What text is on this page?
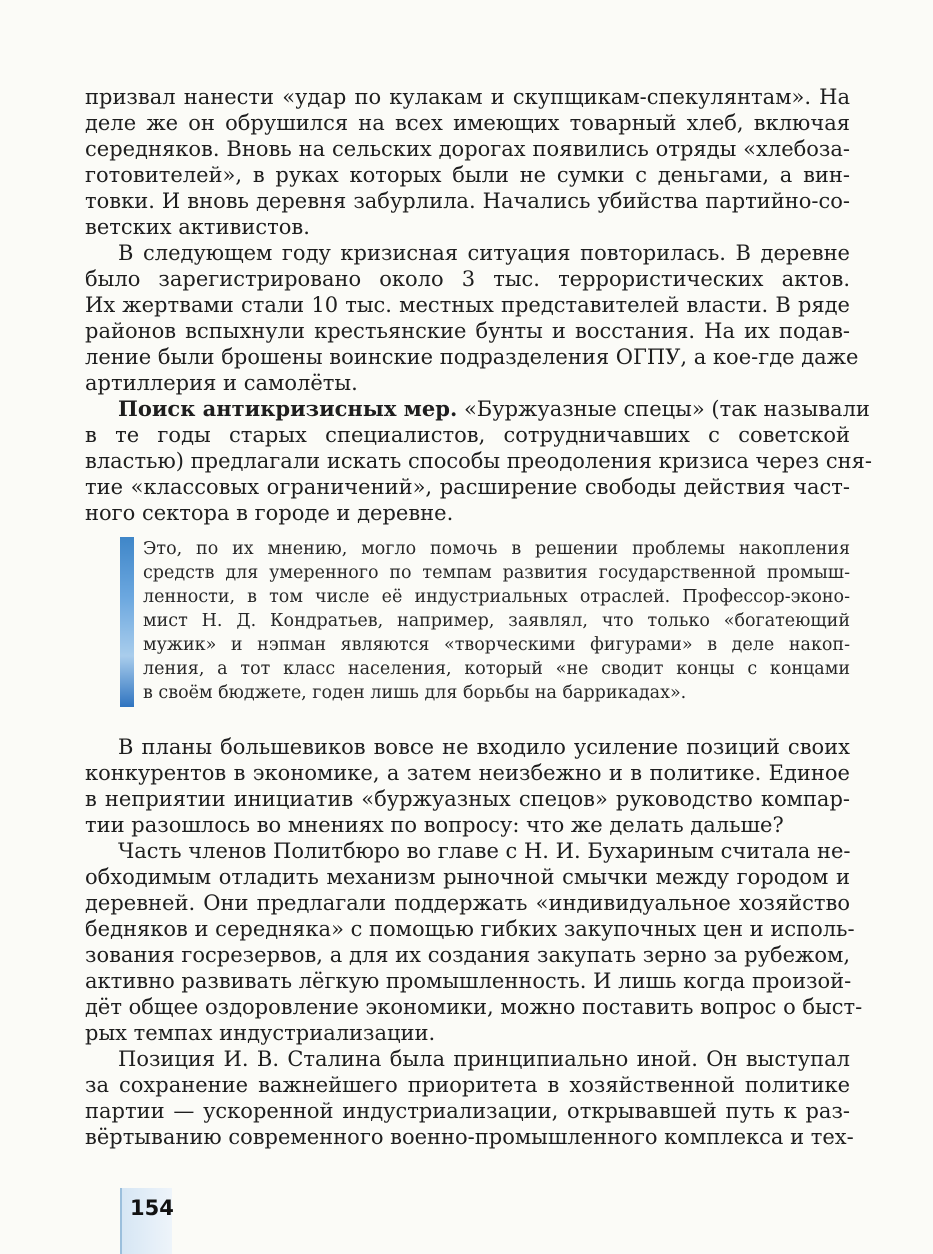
призвал нанести «удар по кулакам и скупщикам-спекулянтам». На

деле же он обрушился на всех имеющих товарный хлеб, включая

середняков. Вновь на сельских дорогах появились отряды «хлебоза-

готовителей», в руках которых были не сумки с деньгами, а вин-

товки. И вновь деревня забурлила. Начались убийства партийно-со-

ветских активистов.

В следующем году кризисная ситуация повторилась. В деревне

было зарегистрировано около 3 тыс. террористических актов.

Их жертвами стали 10 тыс. местных представителей власти. В ряде

районов вспыхнули крестьянские бунты и восстания. На их подав-

ление были брошены воинские подразделения ОГПУ, а кое-где даже

артиллерия и самолёты.

Поиск антикризисных мер. «Буржуазные спецы» (так называли

в те годы старых специалистов, сотрудничавших с советской

властью) предлагали искать способы преодоления кризиса через сня-

тие «классовых ограничений», расширение свободы действия част-

ного сектора в городе и деревне.

Это, по их мнению, могло помочь в решении проблемы накопления

средств для умеренного по темпам развития государственной промыш-

ленности, в том числе её индустриальных отраслей. Профессор-эконо-

мист Н. Д. Кондратьев, например, заявлял, что только «богатеющий

мужик» и нэпман являются «творческими фигурами» в деле накоп-

ления, а тот класс населения, который «не сводит концы с концами

в своём бюджете, годен лишь для борьбы на баррикадах».

В планы большевиков вовсе не входило усиление позиций своих

конкурентов в экономике, а затем неизбежно и в политике. Единое

в неприятии инициатив «буржуазных спецов» руководство компар-

тии разошлось во мнениях по вопросу: что же делать дальше?

Часть членов Политбюро во главе с Н. И. Бухариным считала не-

обходимым отладить механизм рыночной смычки между городом и

деревней. Они предлагали поддержать «индивидуальное хозяйство

бедняков и середняка» с помощью гибких закупочных цен и исполь-

зования госрезервов, а для их создания закупать зерно за рубежом,

активно развивать лёгкую промышленность. И лишь когда произой-

дёт общее оздоровление экономики, можно поставить вопрос о быст-

рых темпах индустриализации.

Позиция И. В. Сталина была принципиально иной. Он выступал

за сохранение важнейшего приоритета в хозяйственной политике

партии — ускоренной индустриализации, открывавшей путь к раз-

вёртыванию современного военно-промышленного комплекса и тех-

154
